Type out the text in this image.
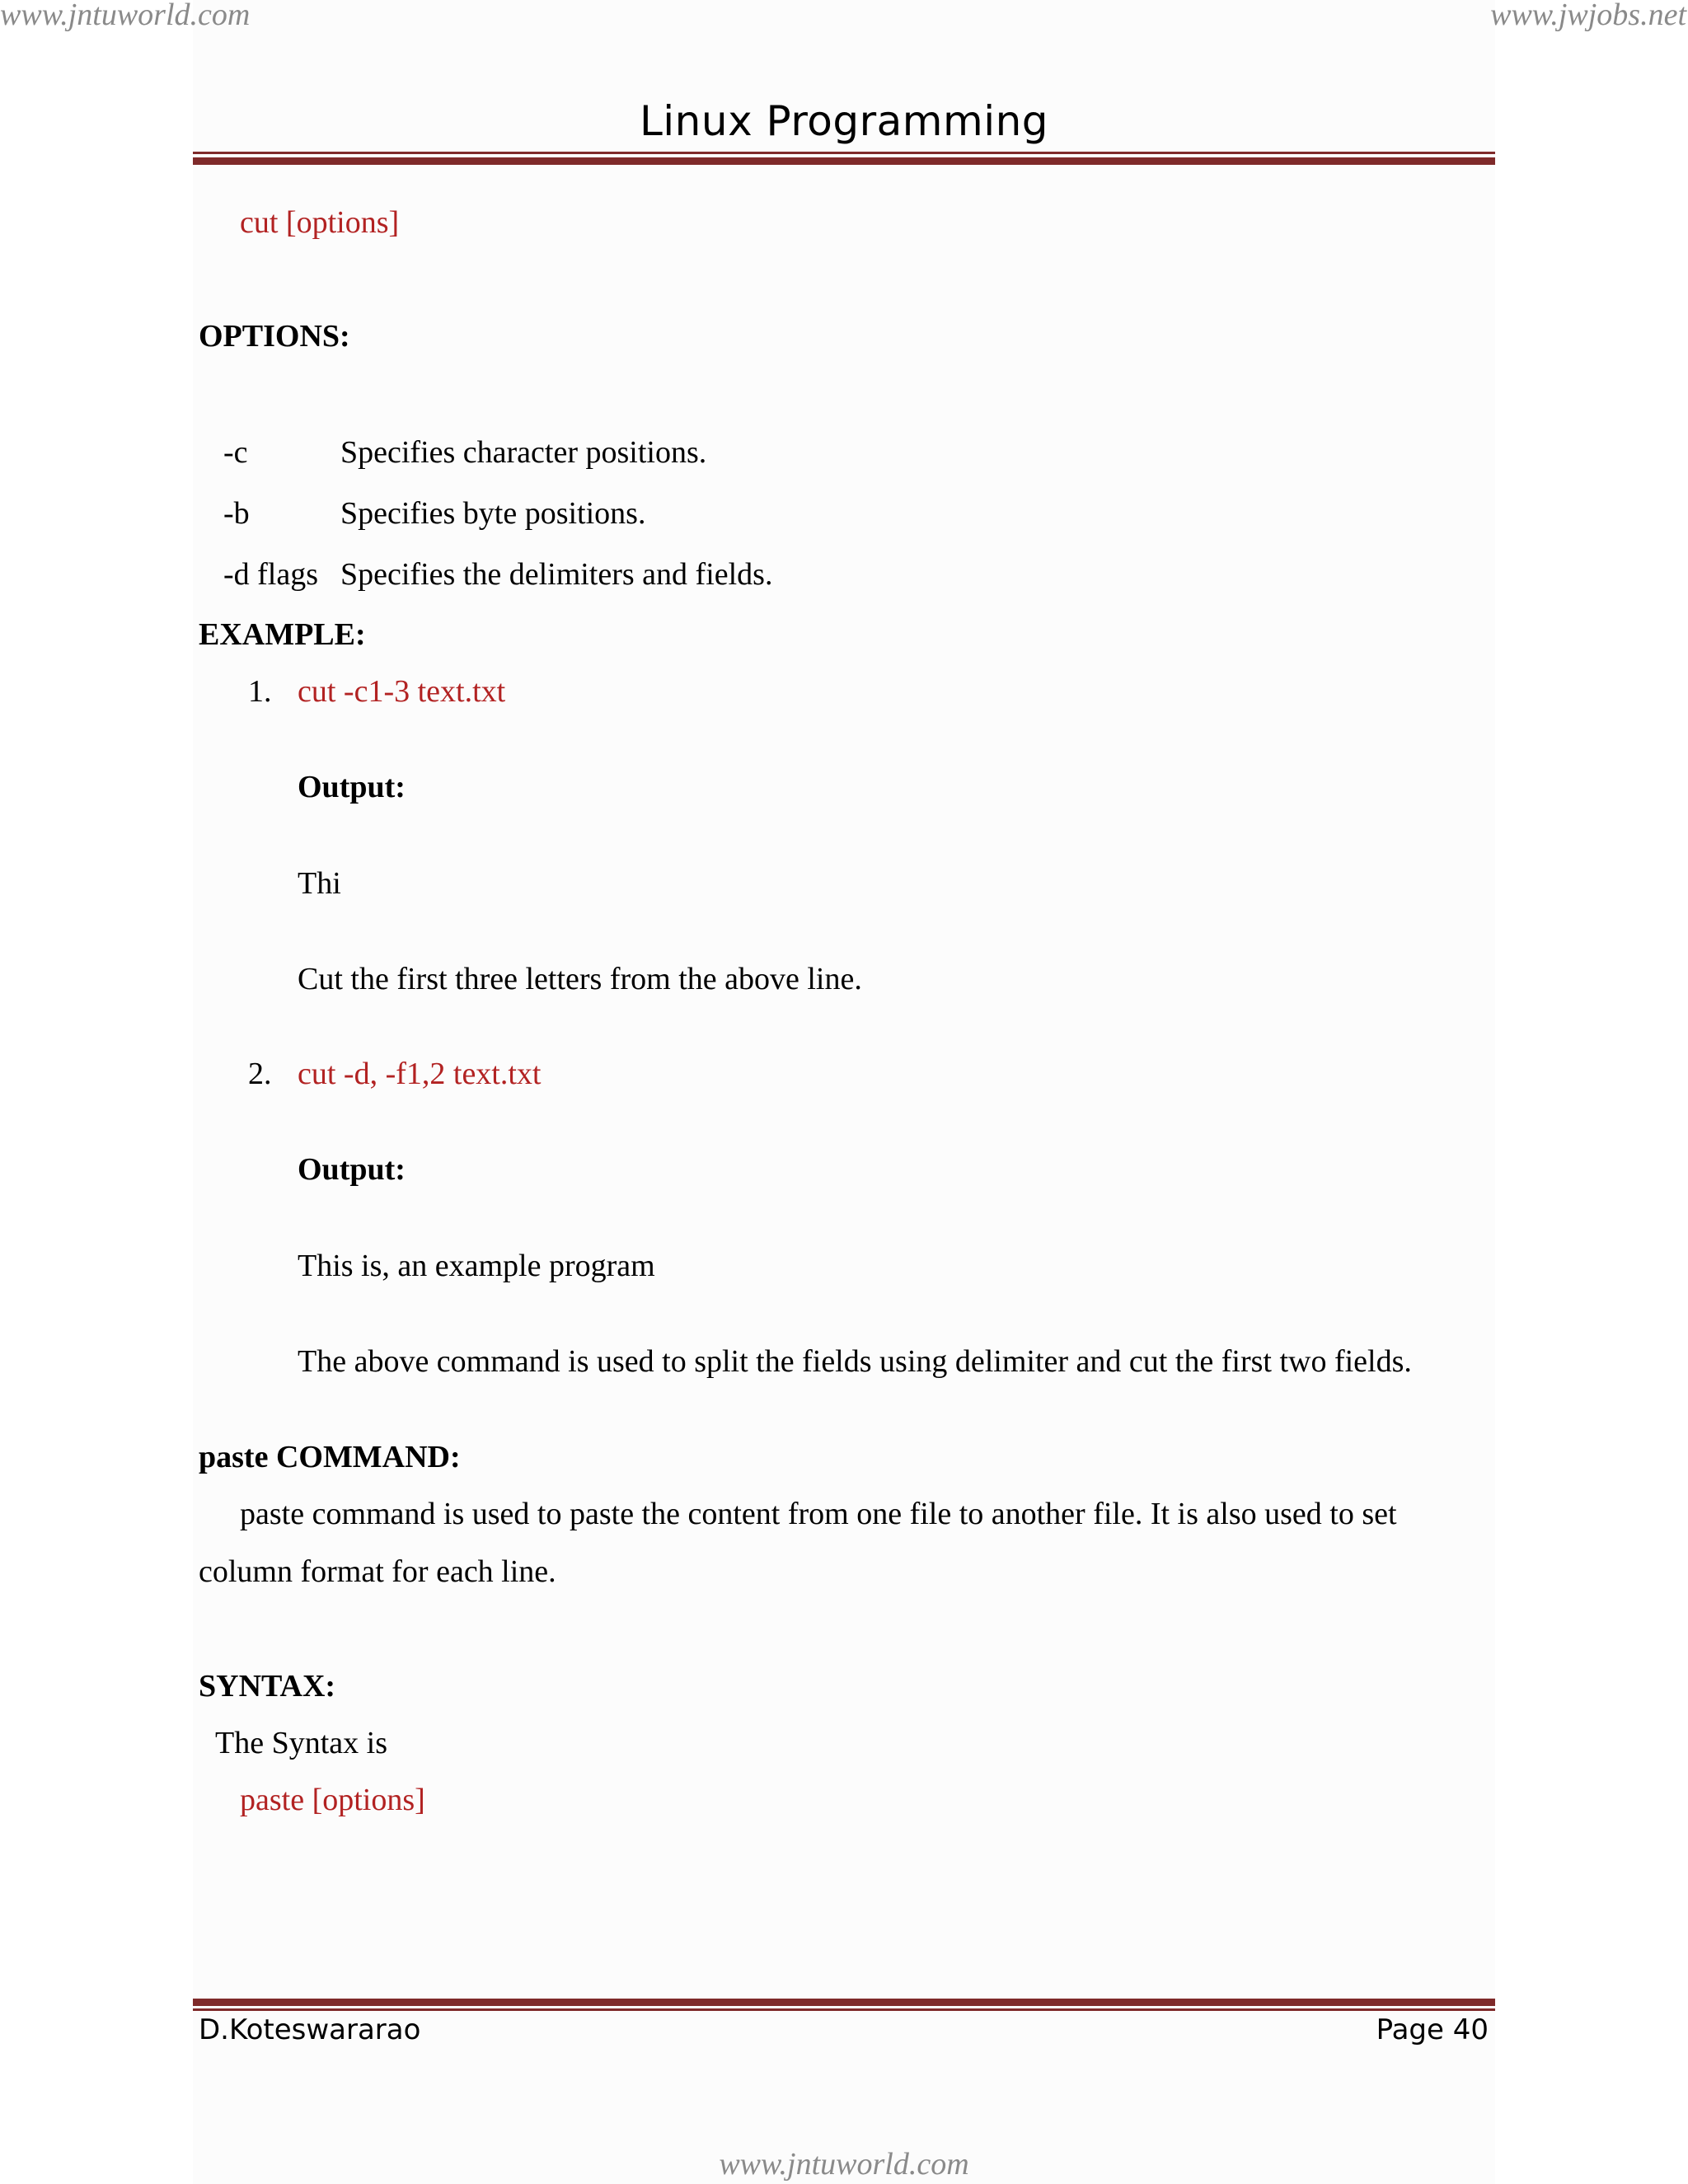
www.jntuworld.com	www.jwjobs.net
Linux Programming
cut [options]
OPTIONS:
-c	Specifies character positions.
-b	Specifies byte positions.
-d flags Specifies the delimiters and fields.
EXAMPLE:
1. cut -c1-3 text.txt
Output:
Thi
Cut the first three letters from the above line.
2. cut -d, -f1,2 text.txt
Output:
This is, an example program
The above command is used to split the fields using delimiter and cut the first two fields.
paste COMMAND:
paste command is used to paste the content from one file to another file. It is also used to set column format for each line.
SYNTAX:
The Syntax is
paste [options]
D.Koteswararao	Page 40
www.jntuworld.com
